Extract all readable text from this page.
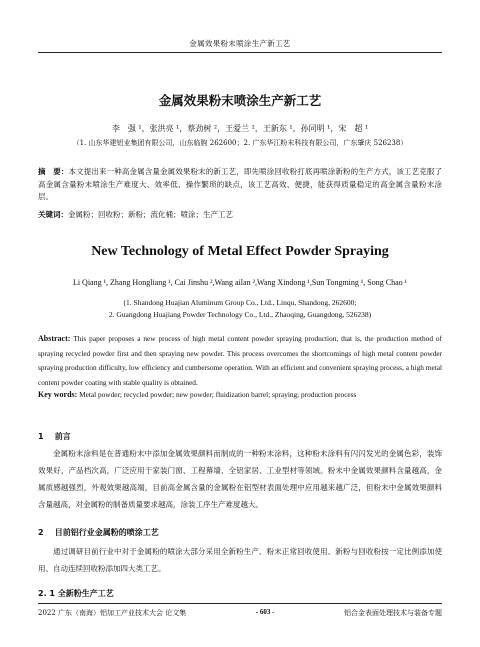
金属效果粉末喷涂生产新工艺
金属效果粉末喷涂生产新工艺
李　强 ¹，张洪亮 ¹，蔡劲树 ²，王爱兰 ²，王新东 ¹，孙同明 ¹，宋　超 ¹
（1. 山东华建铝业集团有限公司，山东临朐 262600；2. 广东华江粉末科技有限公司，广东肇庆 526238）
摘　要：本文提出来一种高金属含量金属效果粉末的新工艺，即先喷涂回收粉打底再喷涂新粉的生产方式，该工艺克服了高金属含量粉末喷涂生产难度大、效率低、操作繁琐的缺点，该工艺高效、便捷，能获得质量稳定的高金属含量粉末涂层。
关键词：金属粉；回收粉；新粉；流化桶；喷涂；生产工艺
New Technology of Metal Effect Powder Spraying
Li Qiang ¹, Zhang Hongliang ¹, Cai Jinshu ²,Wang ailan ²,Wang Xindong ¹,Sun Tongming ¹, Song Chao ¹
(1. Shandong Huajian Aluminum Group Co., Ltd., Linqu, Shandong, 262600;
2. Guangdong Huajiang Powder Technology Co., Ltd., Zhaoqing, Guangdong, 526238)
Abstract: This paper proposes a new process of high metal content powder spraying production, that is, the production method of spraying recycled powder first and then spraying new powder. This process overcomes the shortcomings of high metal content powder spraying production difficulty, low efficiency and cumbersome operation. With an efficient and convenient spraying process, a high metal content powder coating with stable quality is obtained.
Key words: Metal powder; recycled powder; new powder; fluidization barrel; spraying; production process
1 前言
金属粉末涂料是在普通粉末中添加金属效果颜料而制成的一种粉末涂料，这种粉末涂料有闪闪发光的金属色彩，装饰效果好，产品档次高，广泛应用于家装门窗、工程幕墙、全铝家居、工业型材等领域。粉末中金属效果颜料含量越高，金属质感越强烈，外观效果越高端，目前高金属含量的金属粉在铝型材表面处理中应用越来越广泛，但粉末中金属效果颜料含量越高，对金属粉的制备质量要求越高，涂装工序生产难度越大。
2 目前铝行业金属粉的喷涂工艺
通过调研目前行业中对于金属粉的喷涂大部分采用全新粉生产、粉末正常回收使用、新粉与回收粉按一定比例添加使用、自动连续回收粉添加四大类工艺。
2. 1 全新粉生产工艺
2022 广东（南海）铝加工产业技术大会 论文集	- 603 -	铝合金表面处理技术与装备专题
